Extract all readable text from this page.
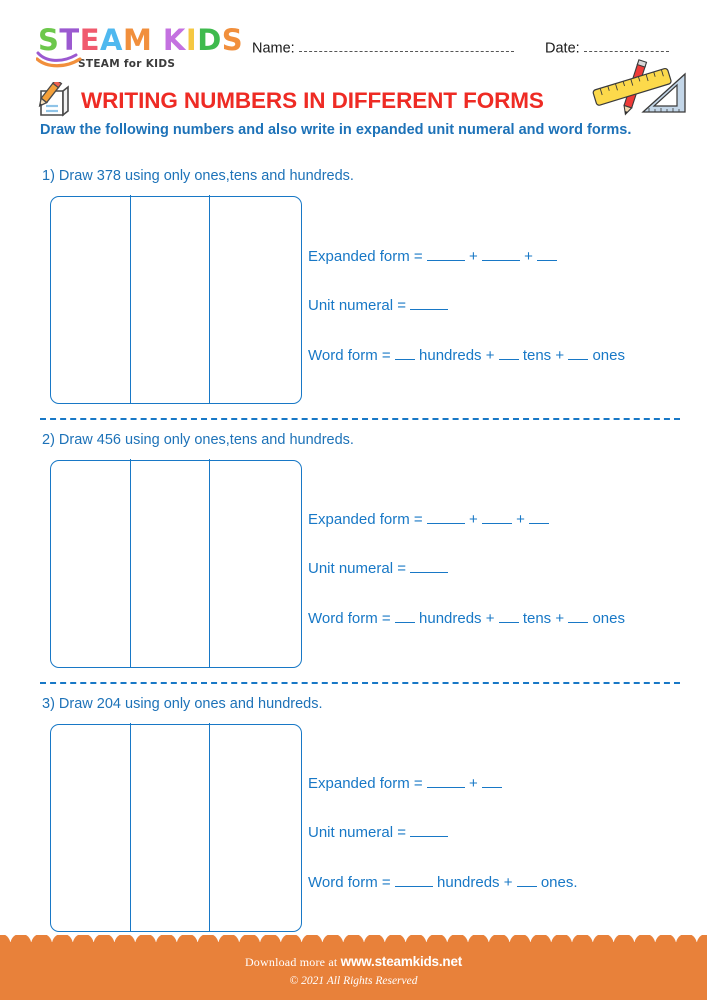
STEAM KIDS
STEAM for KIDS
Name:	Date:
WRITING NUMBERS IN DIFFERENT FORMS
Draw the following numbers and also write in expanded unit numeral and word forms.
1) Draw 378 using only ones,tens and hundreds.
Expanded form =	+	+
Unit numeral =
Word form =  hundreds +  tens +  ones
2) Draw 456 using only ones,tens and hundreds.
Expanded form =	+  +
Unit numeral =
Word form =  hundreds +  tens +  ones
3) Draw 204 using only ones and hundreds.
Expanded form =	+
Unit numeral =
Word form =	hundreds +  ones.
Download more at www.steamkids.net
© 2021 All Rights Reserved
